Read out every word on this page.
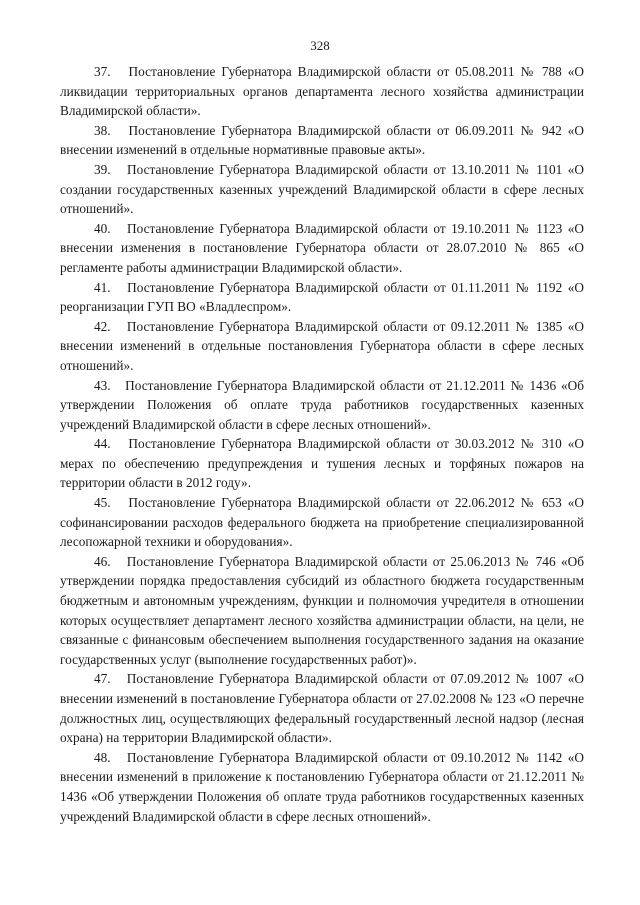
328

37. Постановление Губернатора Владимирской области от 05.08.2011 № 788 «О ликвидации территориальных органов департамента лесного хозяйства администрации Владимирской области».

38. Постановление Губернатора Владимирской области от 06.09.2011 № 942 «О внесении изменений в отдельные нормативные правовые акты».

39. Постановление Губернатора Владимирской области от 13.10.2011 № 1101 «О создании государственных казенных учреждений Владимирской области в сфере лесных отношений».

40. Постановление Губернатора Владимирской области от 19.10.2011 № 1123 «О внесении изменения в постановление Губернатора области от 28.07.2010 № 865 «О регламенте работы администрации Владимирской области».

41. Постановление Губернатора Владимирской области от 01.11.2011 № 1192 «О реорганизации ГУП ВО «Владлеспром».

42. Постановление Губернатора Владимирской области от 09.12.2011 № 1385 «О внесении изменений в отдельные постановления Губернатора области в сфере лесных отношений».

43. Постановление Губернатора Владимирской области от 21.12.2011 № 1436 «Об утверждении Положения об оплате труда работников государственных казенных учреждений Владимирской области в сфере лесных отношений».

44. Постановление Губернатора Владимирской области от 30.03.2012 № 310 «О мерах по обеспечению предупреждения и тушения лесных и торфяных пожаров на территории области в 2012 году».

45. Постановление Губернатора Владимирской области от 22.06.2012 № 653 «О софинансировании расходов федерального бюджета на приобретение специализированной лесопожарной техники и оборудования».

46. Постановление Губернатора Владимирской области от 25.06.2013 № 746 «Об утверждении порядка предоставления субсидий из областного бюджета государственным бюджетным и автономным учреждениям, функции и полномочия учредителя в отношении которых осуществляет департамент лесного хозяйства администрации области, на цели, не связанные с финансовым обеспечением выполнения государственного задания на оказание государственных услуг (выполнение государственных работ)».

47. Постановление Губернатора Владимирской области от 07.09.2012 № 1007 «О внесении изменений в постановление Губернатора области от 27.02.2008 № 123 «О перечне должностных лиц, осуществляющих федеральный государственный лесной надзор (лесная охрана) на территории Владимирской области».

48. Постановление Губернатора Владимирской области от 09.10.2012 № 1142 «О внесении изменений в приложение к постановлению Губернатора области от 21.12.2011 № 1436 «Об утверждении Положения об оплате труда работников государственных казенных учреждений Владимирской области в сфере лесных отношений».
